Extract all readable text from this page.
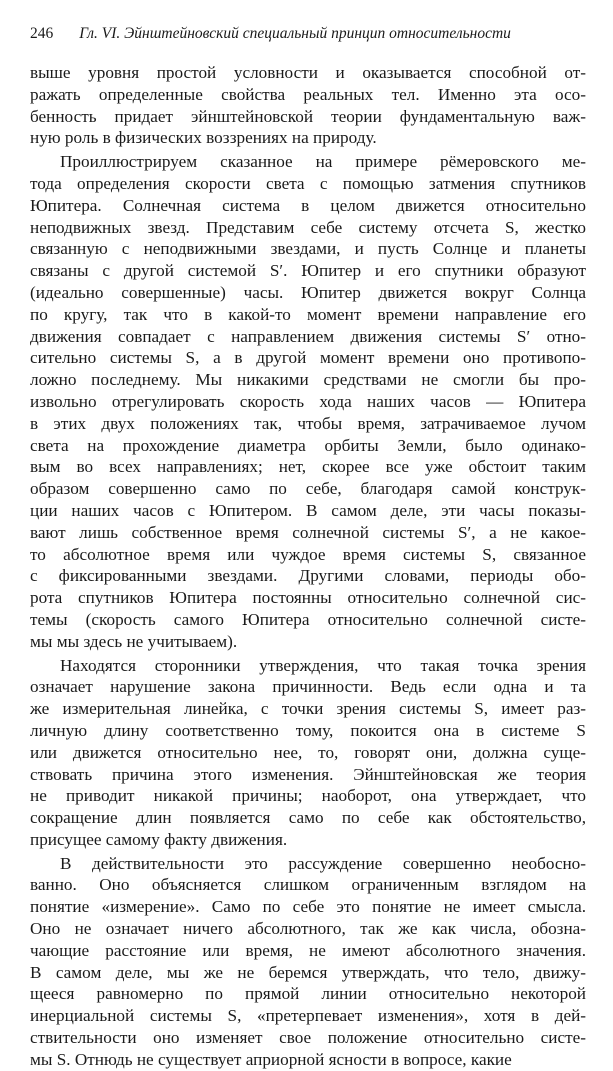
246 Гл. VI. Эйнштейновский специальный принцип относительности
выше уровня простой условности и оказывается способной от-
ражать определенные свойства реальных тел. Именно эта осо-
бенность придает эйнштейновской теории фундаментальную важ-
ную роль в физических воззрениях на природу.
Проиллюстрируем сказанное на примере рёмеровского ме-
тода определения скорости света с помощью затмения спутников
Юпитера. Солнечная система в целом движется относительно
неподвижных звезд. Представим себе систему отсчета S, жестко
связанную с неподвижными звездами, и пусть Солнце и планеты
связаны с другой системой S′. Юпитер и его спутники образуют
(идеально совершенные) часы. Юпитер движется вокруг Солнца
по кругу, так что в какой-то момент времени направление его
движения совпадает с направлением движения системы S′ отно-
сительно системы S, а в другой момент времени оно противопо-
ложно последнему. Мы никакими средствами не смогли бы про-
извольно отрегулировать скорость хода наших часов — Юпитера
в этих двух положениях так, чтобы время, затрачиваемое лучом
света на прохождение диаметра орбиты Земли, было одинако-
вым во всех направлениях; нет, скорее все уже обстоит таким
образом совершенно само по себе, благодаря самой конструк-
ции наших часов с Юпитером. В самом деле, эти часы показы-
вают лишь собственное время солнечной системы S′, а не какое-
то абсолютное время или чуждое время системы S, связанное
с фиксированными звездами. Другими словами, периоды обо-
рота спутников Юпитера постоянны относительно солнечной сис-
темы (скорость самого Юпитера относительно солнечной систе-
мы мы здесь не учитываем).
Находятся сторонники утверждения, что такая точка зрения
означает нарушение закона причинности. Ведь если одна и та
же измерительная линейка, с точки зрения системы S, имеет раз-
личную длину соответственно тому, покоится она в системе S
или движется относительно нее, то, говорят они, должна суще-
ствовать причина этого изменения. Эйнштейновская же теория
не приводит никакой причины; наоборот, она утверждает, что
сокращение длин появляется само по себе как обстоятельство,
присущее самому факту движения.
В действительности это рассуждение совершенно необосно-
ванно. Оно объясняется слишком ограниченным взглядом на
понятие «измерение». Само по себе это понятие не имеет смысла.
Оно не означает ничего абсолютного, так же как числа, обозна-
чающие расстояние или время, не имеют абсолютного значения.
В самом деле, мы же не беремся утверждать, что тело, движу-
щееся равномерно по прямой линии относительно некоторой
инерциальной системы S, «претерпевает изменения», хотя в дей-
ствительности оно изменяет свое положение относительно систе-
мы S. Отнюдь не существует априорной ясности в вопросе, какие
